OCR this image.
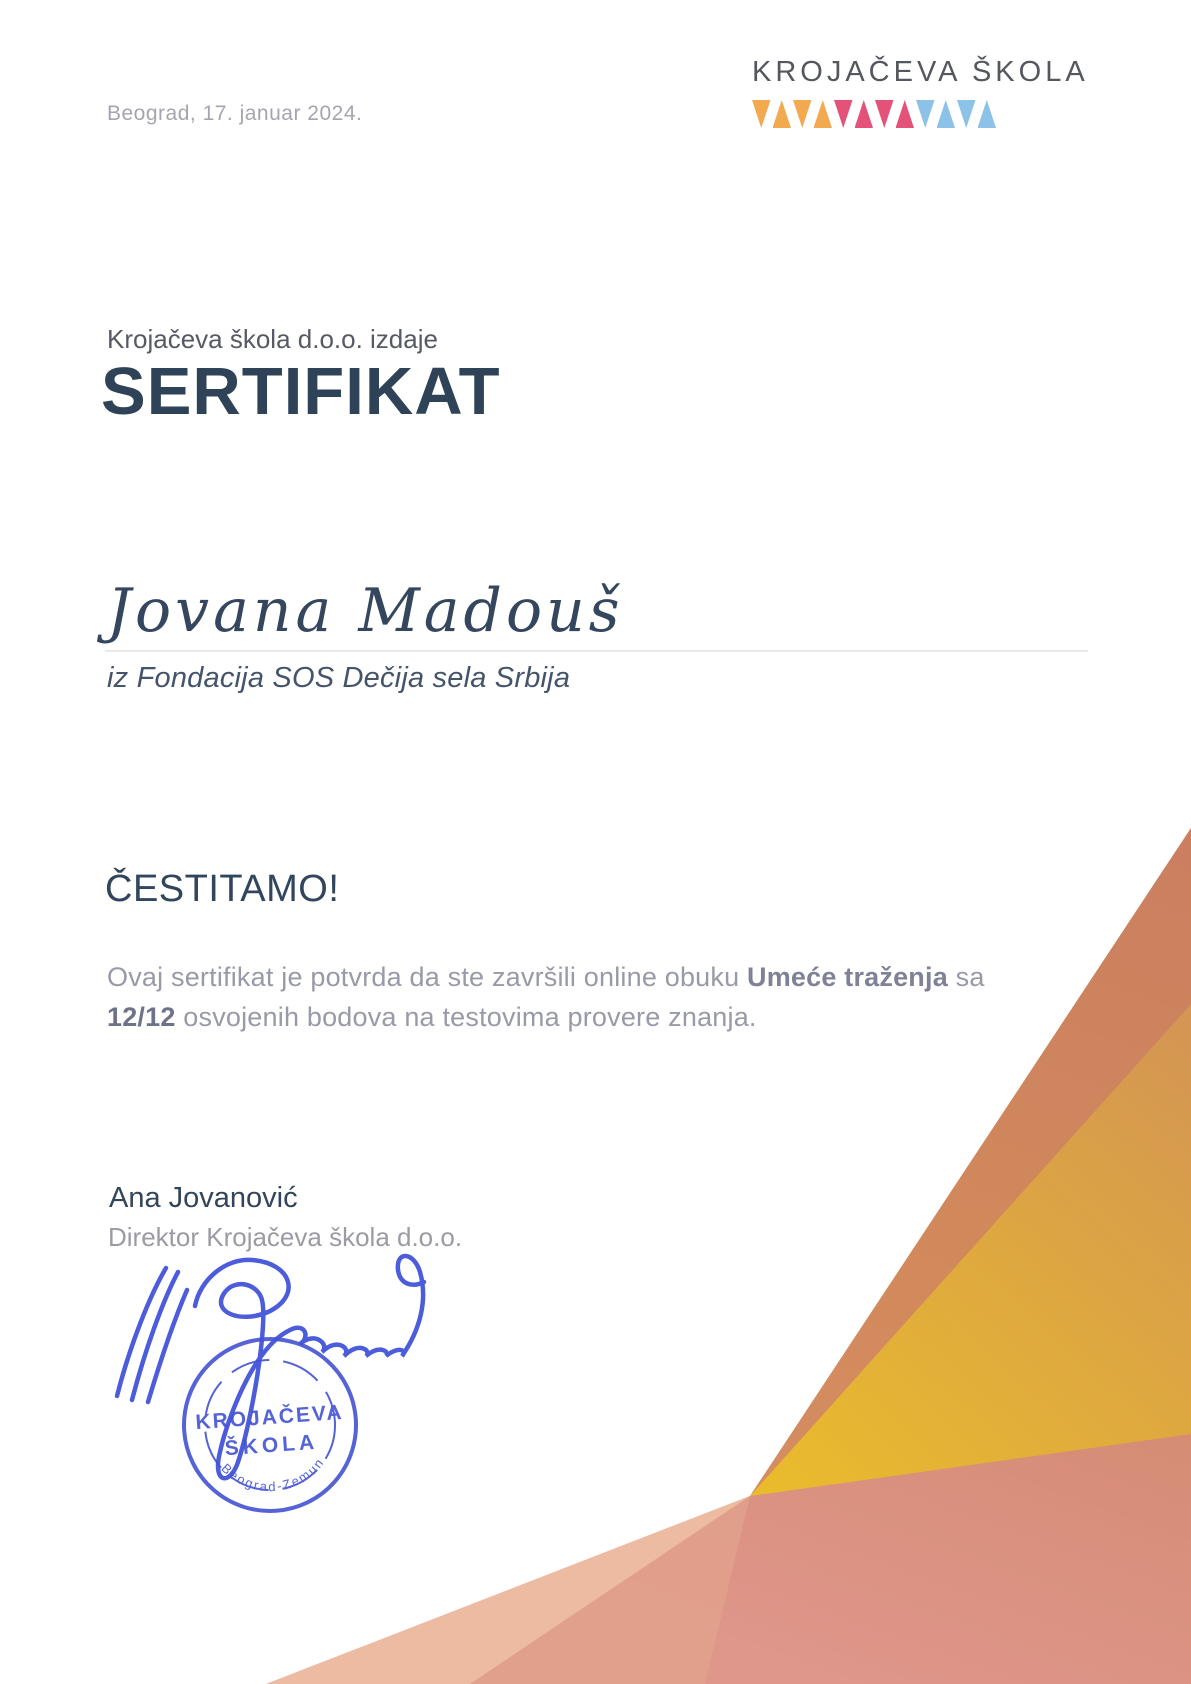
Beograd, 17. januar 2024.
KROJAČEVA ŠKOLA
Krojačeva škola d.o.o. izdaje
SERTIFIKAT
Jovana Madouš
iz Fondacija SOS Dečija sela Srbija
ČESTITAMO!

Ovaj sertifikat je potvrda da ste završili online obuku Umeće traženja sa
12/12 osvojenih bodova na testovima provere znanja.

Ana Jovanović
Direktor Krojačeva škola d.o.o.
KROJAČEVA
ŠKOLA
Beograd-Zemun
